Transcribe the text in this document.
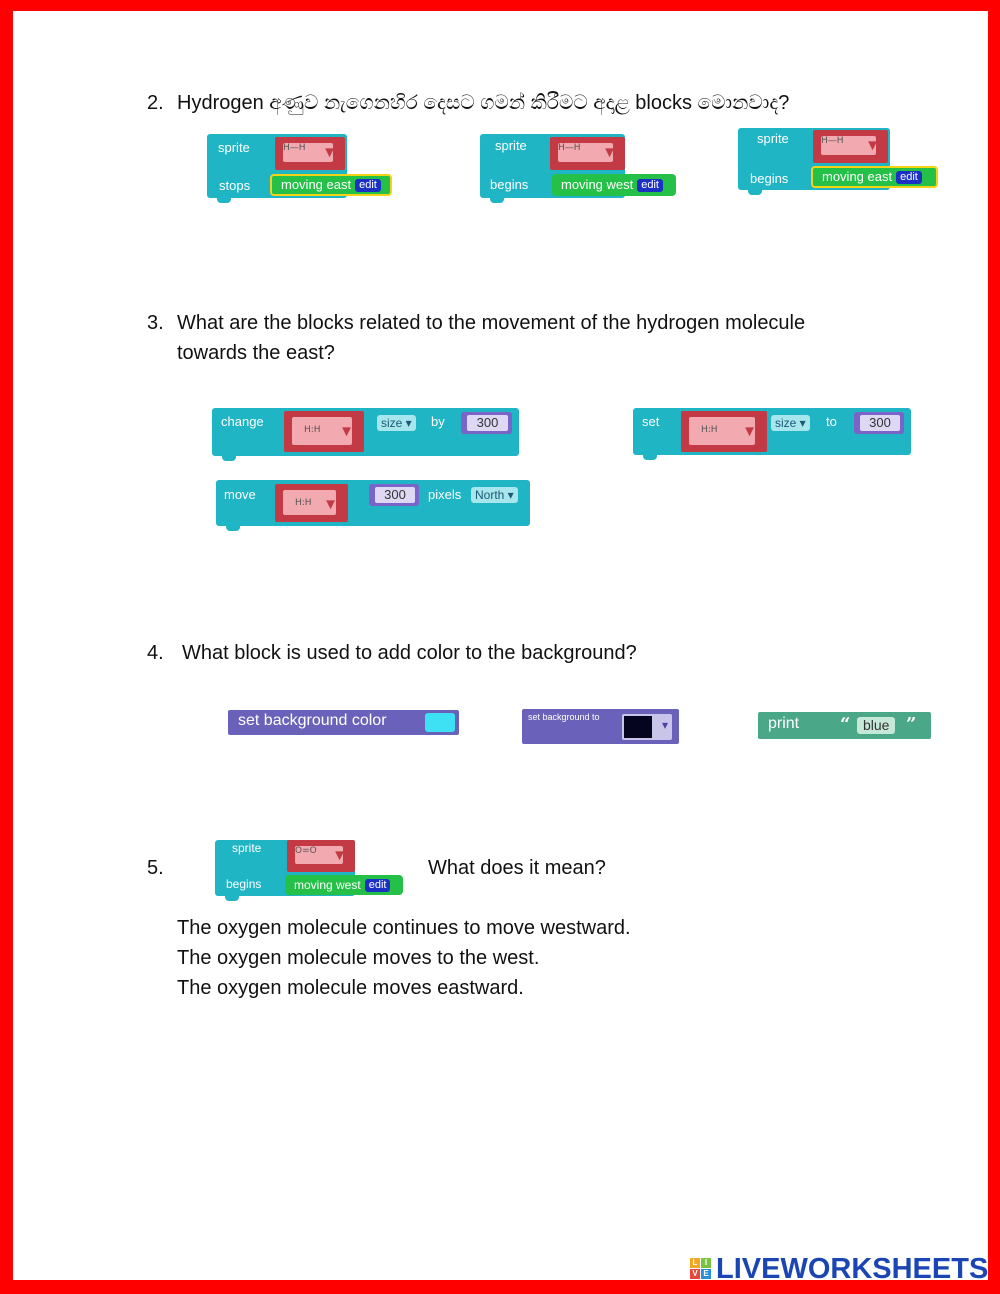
2. Hydrogen අණුව නැගෙනහිර දෙසට ගමන් කිරීමට අදාළ blocks මොනවාද?
sprite	H—H ▼
stops	moving east edit
sprite	H—H ▼
begins	moving west edit
sprite	H—H ▼
begins	moving east edit
3. What are the blocks related to the movement of the hydrogen molecule
towards the east?
change
H:H ▼	size ▾	by	300	set
H:H ▼	size ▾	to	300
move
H:H ▼
300	pixels	North ▾
4. What block is used to add color to the background?
set background color	set background to
▾	print “ blue ”
5.
sprite	O=O ▼
begins	moving west edit
What does it mean?
The oxygen molecule continues to move westward.
The oxygen molecule moves to the west.
The oxygen molecule moves eastward.
L I
V E LIVEWORKSHEETS
